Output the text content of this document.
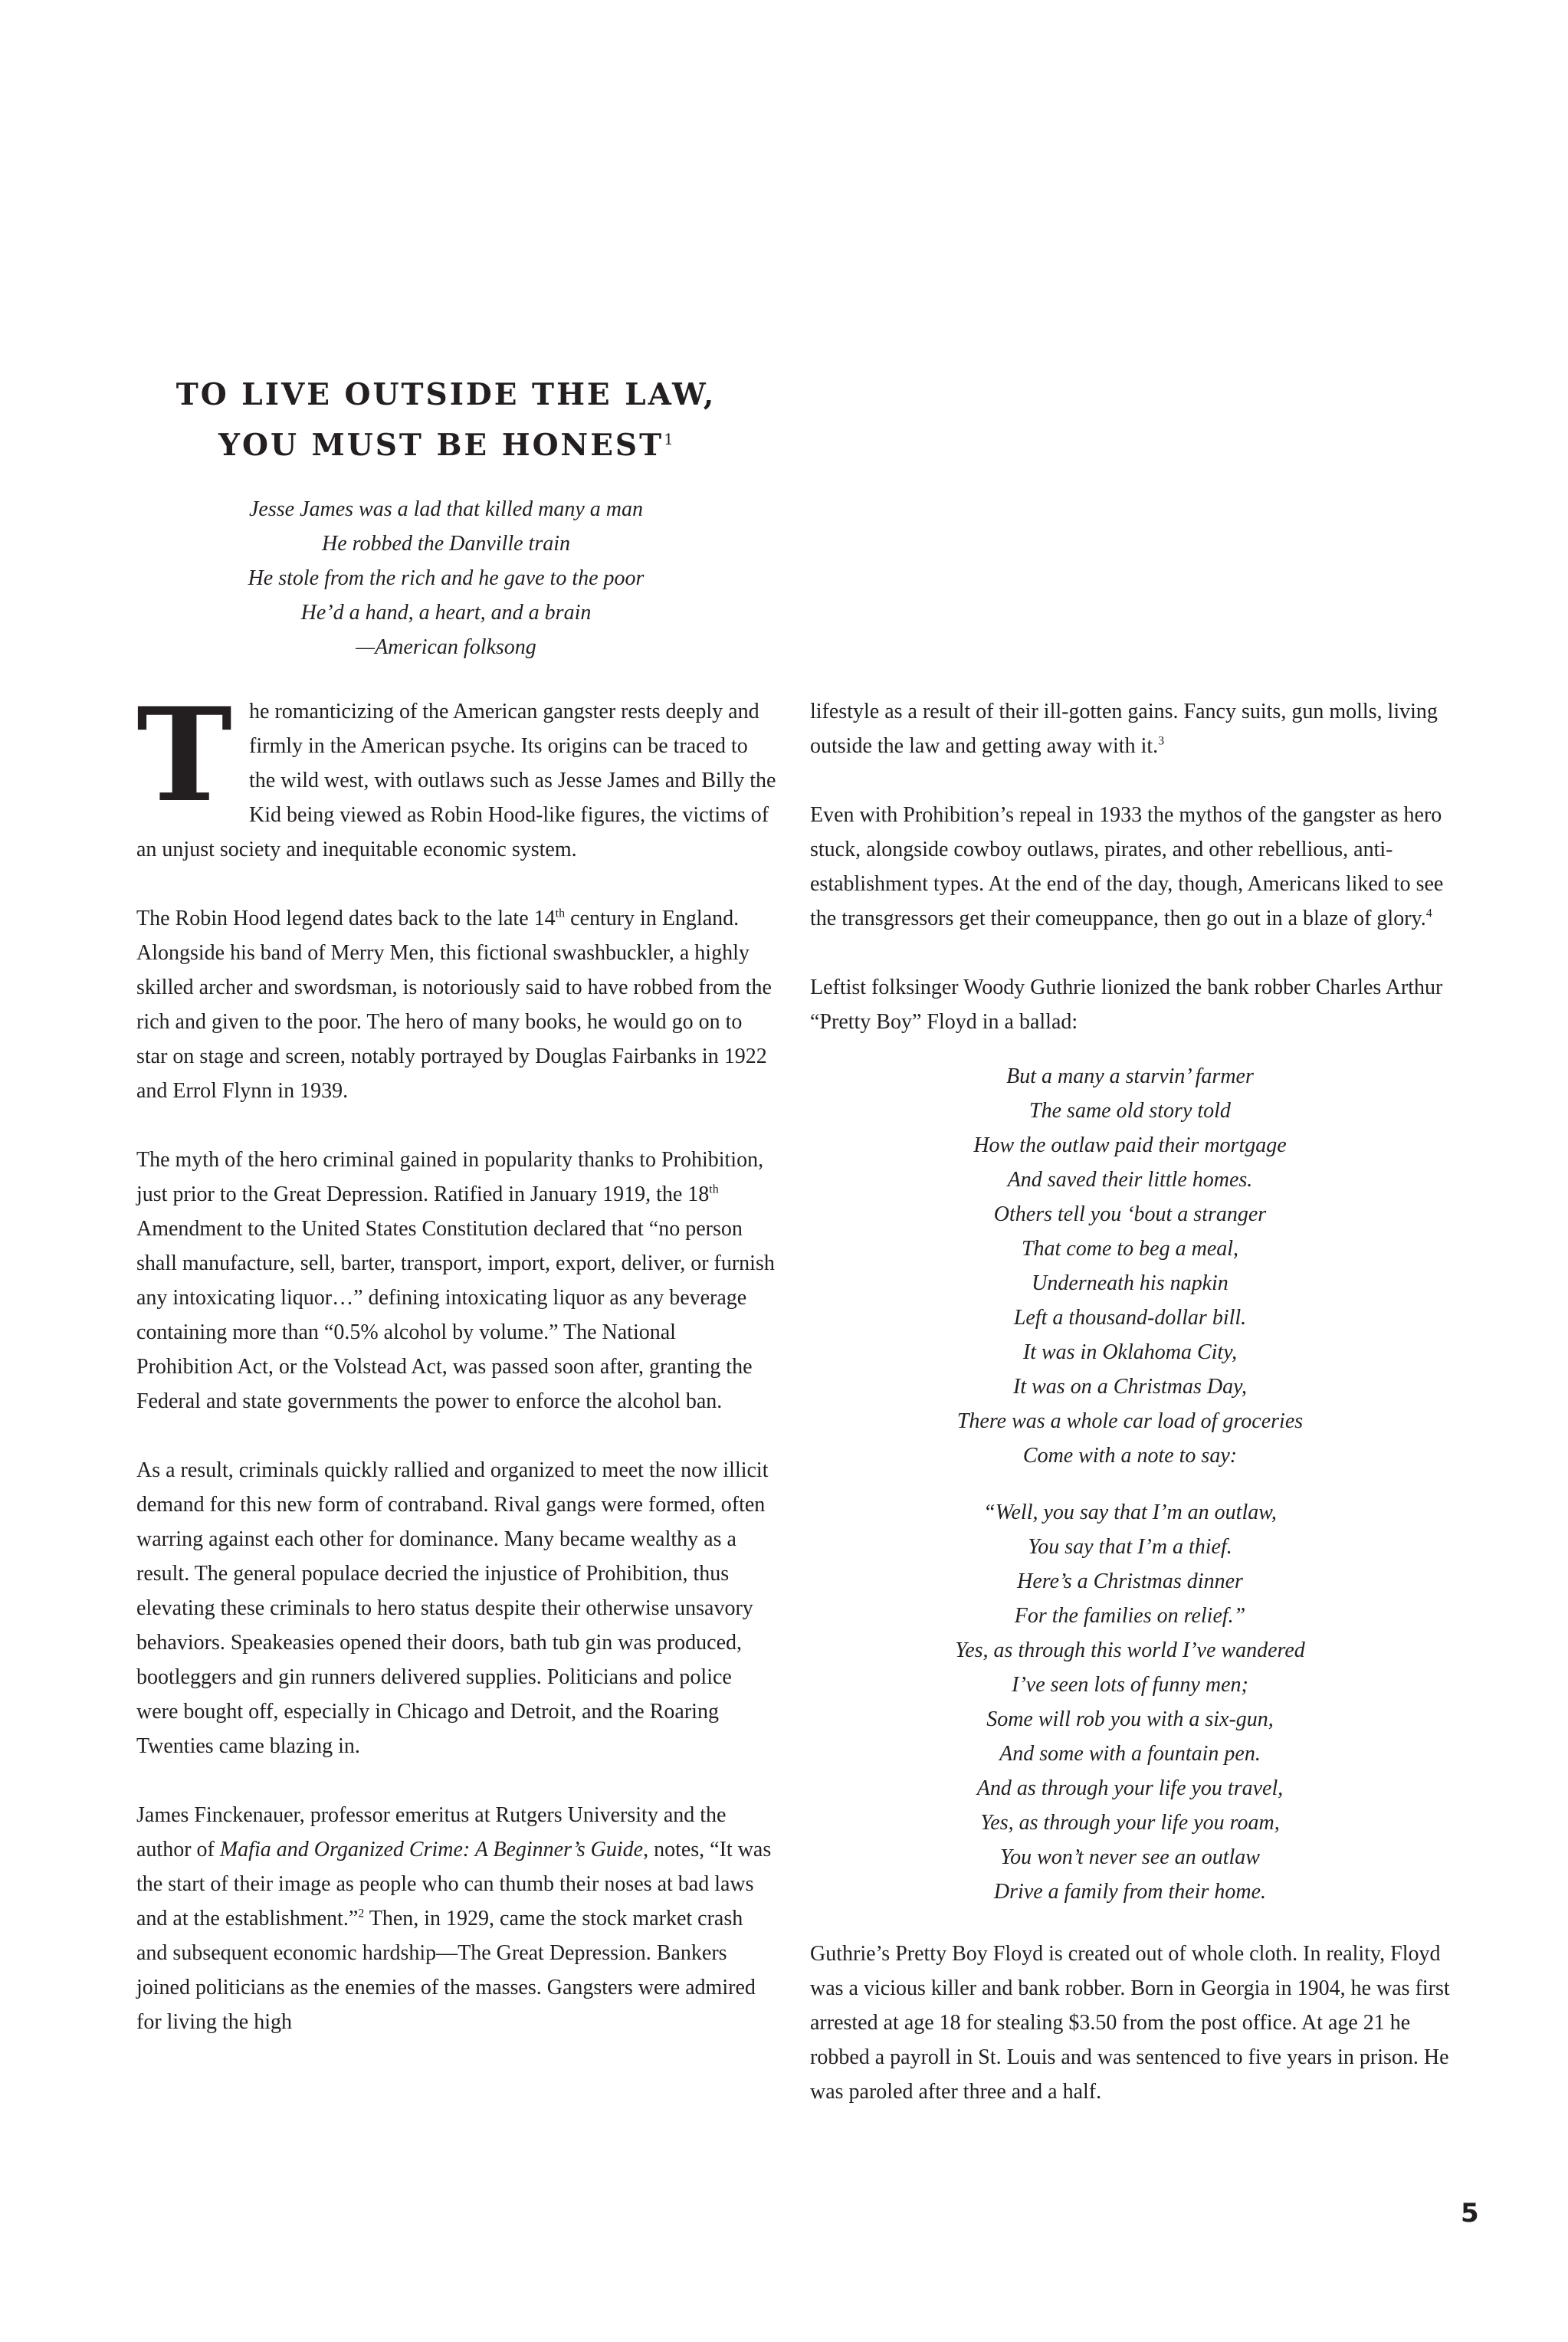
TO LIVE OUTSIDE THE LAW,
YOU MUST BE HONEST$^1$
Jesse James was a lad that killed many a man
He robbed the Danville train
He stole from the rich and he gave to the poor
He’d a hand, a heart, and a brain
—American folksong

The romanticizing of the American gangster rests deeply and firmly in the American psyche. Its origins can be traced to the wild west, with outlaws such as Jesse James and Billy the Kid being viewed as Robin Hood-like figures, the victims of an unjust society and inequitable economic system.

The Robin Hood legend dates back to the late 14th century in England. Alongside his band of Merry Men, this fictional swashbuckler, a highly skilled archer and swordsman, is notoriously said to have robbed from the rich and given to the poor. The hero of many books, he would go on to star on stage and screen, notably portrayed by Douglas Fairbanks in 1922 and Errol Flynn in 1939.

The myth of the hero criminal gained in popularity thanks to Prohibition, just prior to the Great Depression. Ratified in January 1919, the 18th Amendment to the United States Constitution declared that “no person shall manufacture, sell, barter, transport, import, export, deliver, or furnish any intoxicating liquor…” defining intoxicating liquor as any beverage containing more than “0.5% alcohol by volume.” The National Prohibition Act, or the Volstead Act, was passed soon after, granting the Federal and state governments the power to enforce the alcohol ban.

As a result, criminals quickly rallied and organized to meet the now illicit demand for this new form of contraband. Rival gangs were formed, often warring against each other for dominance. Many became wealthy as a result. The general populace decried the injustice of Prohibition, thus elevating these criminals to hero status despite their otherwise unsavory behaviors. Speakeasies opened their doors, bath tub gin was produced, bootleggers and gin runners delivered supplies. Politicians and police were bought off, especially in Chicago and Detroit, and the Roaring Twenties came blazing in.

James Finckenauer, professor emeritus at Rutgers University and the author of Mafia and Organized Crime: A Beginner’s Guide, notes, “It was the start of their image as people who can thumb their noses at bad laws and at the establishment.”$^2$ Then, in 1929, came the stock market crash and subsequent economic hardship—The Great Depression. Bankers joined politicians as the enemies of the masses. Gangsters were admired for living the high

lifestyle as a result of their ill-gotten gains. Fancy suits, gun molls, living outside the law and getting away with it.$^3$

Even with Prohibition’s repeal in 1933 the mythos of the gangster as hero stuck, alongside cowboy outlaws, pirates, and other rebellious, anti-establishment types. At the end of the day, though, Americans liked to see the transgressors get their comeuppance, then go out in a blaze of glory.$^4$

Leftist folksinger Woody Guthrie lionized the bank robber Charles Arthur “Pretty Boy” Floyd in a ballad:

But a many a starvin’ farmer
The same old story told
How the outlaw paid their mortgage
And saved their little homes.
Others tell you ‘bout a stranger
That come to beg a meal,
Underneath his napkin
Left a thousand-dollar bill.
It was in Oklahoma City,
It was on a Christmas Day,
There was a whole car load of groceries
Come with a note to say:
“Well, you say that I’m an outlaw,
You say that I’m a thief.
Here’s a Christmas dinner
For the families on relief.”
Yes, as through this world I’ve wandered
I’ve seen lots of funny men;
Some will rob you with a six-gun,
And some with a fountain pen.
And as through your life you travel,
Yes, as through your life you roam,
You won’t never see an outlaw
Drive a family from their home.

Guthrie’s Pretty Boy Floyd is created out of whole cloth. In reality, Floyd was a vicious killer and bank robber. Born in Georgia in 1904, he was first arrested at age 18 for stealing $3.50 from the post office. At age 21 he robbed a payroll in St. Louis and was sentenced to five years in prison. He was paroled after three and a half.

5
